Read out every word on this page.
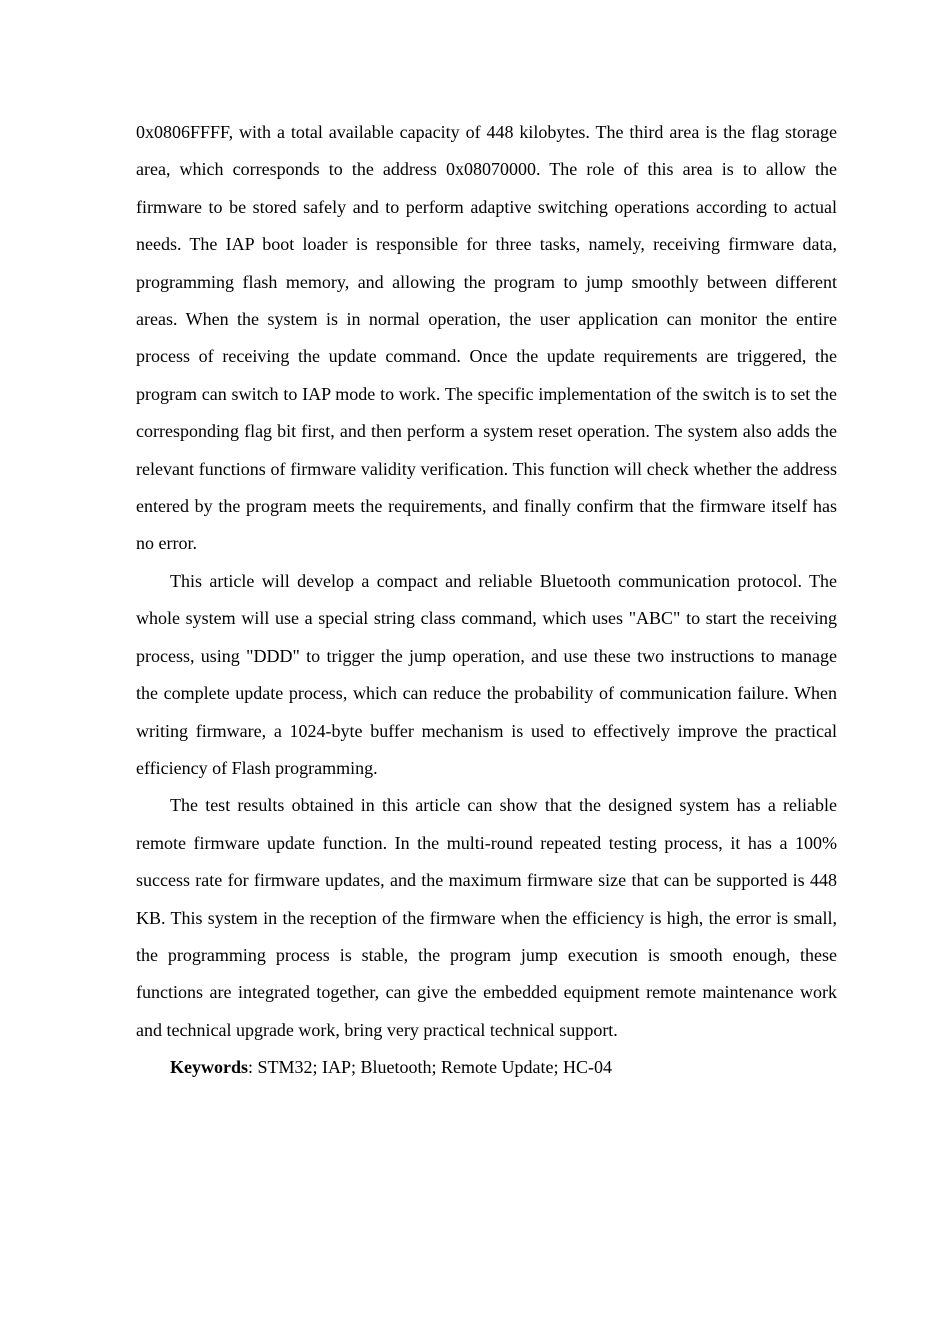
0x0806FFFF, with a total available capacity of 448 kilobytes. The third area is the flag storage area, which corresponds to the address 0x08070000. The role of this area is to allow the firmware to be stored safely and to perform adaptive switching operations according to actual needs. The IAP boot loader is responsible for three tasks, namely, receiving firmware data, programming flash memory, and allowing the program to jump smoothly between different areas. When the system is in normal operation, the user application can monitor the entire process of receiving the update command. Once the update requirements are triggered, the program can switch to IAP mode to work. The specific implementation of the switch is to set the corresponding flag bit first, and then perform a system reset operation. The system also adds the relevant functions of firmware validity verification. This function will check whether the address entered by the program meets the requirements, and finally confirm that the firmware itself has no error.

This article will develop a compact and reliable Bluetooth communication protocol. The whole system will use a special string class command, which uses "ABC" to start the receiving process, using "DDD" to trigger the jump operation, and use these two instructions to manage the complete update process, which can reduce the probability of communication failure. When writing firmware, a 1024-byte buffer mechanism is used to effectively improve the practical efficiency of Flash programming.

The test results obtained in this article can show that the designed system has a reliable remote firmware update function. In the multi-round repeated testing process, it has a 100% success rate for firmware updates, and the maximum firmware size that can be supported is 448 KB. This system in the reception of the firmware when the efficiency is high, the error is small, the programming process is stable, the program jump execution is smooth enough, these functions are integrated together, can give the embedded equipment remote maintenance work and technical upgrade work, bring very practical technical support.

Keywords: STM32; IAP; Bluetooth; Remote Update; HC-04
